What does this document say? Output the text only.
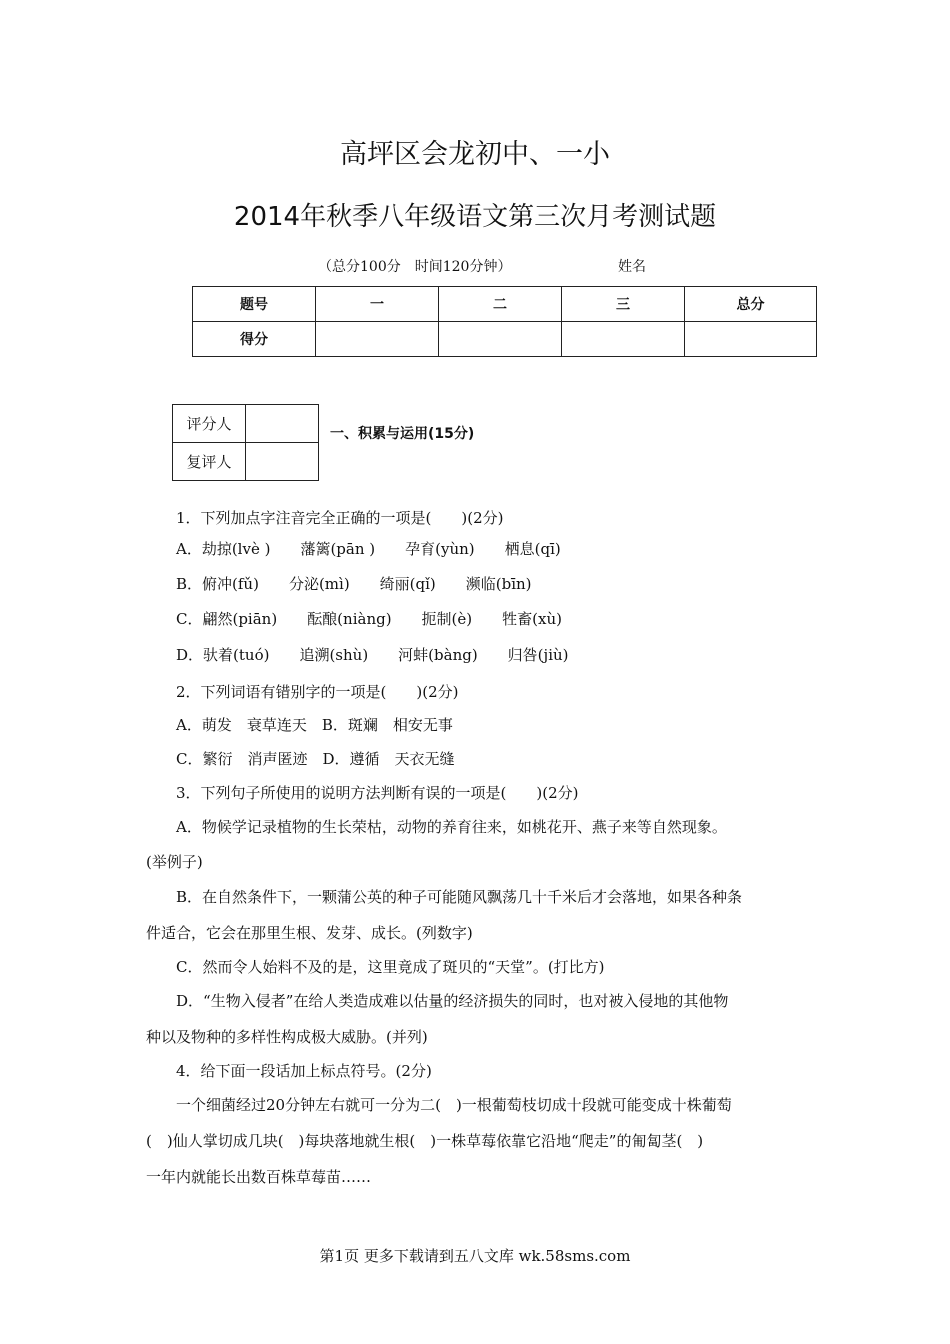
高坪区会龙初中、一小
2014年秋季八年级语文第三次月考测试题
（总分100分　时间120分钟）	姓名
题号	一	二	三	总分
得分				
评分人	
复评人	
一、积累与运用(15分)
1．下列加点字注音完全正确的一项是(　　)(2分)
A．劫掠(lvè )　　藩篱(pān )　　孕育(yùn)　　栖息(qī)
B．俯冲(fǔ)　　分泌(mì)　　绮丽(qǐ)　　濒临(bīn)
C．翩然(piān)　　酝酿(niàng)　　扼制(è)　　牲畜(xù)
D．驮着(tuó)　　追溯(shù)　　河蚌(bàng)　　归咎(jiù)
2．下列词语有错别字的一项是(　　)(2分)
A．萌发　衰草连天　B．斑斓　相安无事
C．繁衍　消声匿迹　D．遵循　天衣无缝
3．下列句子所使用的说明方法判断有误的一项是(　　)(2分)
A．物候学记录植物的生长荣枯，动物的养育往来，如桃花开、燕子来等自然现象。
(举例子)
B．在自然条件下，一颗蒲公英的种子可能随风飘荡几十千米后才会落地，如果各种条
件适合，它会在那里生根、发芽、成长。(列数字)
C．然而令人始料不及的是，这里竟成了斑贝的“天堂”。(打比方)
D．“生物入侵者”在给人类造成难以估量的经济损失的同时，也对被入侵地的其他物
种以及物种的多样性构成极大威胁。(并列)
4．给下面一段话加上标点符号。(2分)
一个细菌经过20分钟左右就可一分为二(　)一根葡萄枝切成十段就可能变成十株葡萄
(　)仙人掌切成几块(　)每块落地就生根(　)一株草莓依靠它沿地“爬走”的匍匐茎(　)
一年内就能长出数百株草莓苗……
第1页 更多下载请到五八文库 wk.58sms.com
